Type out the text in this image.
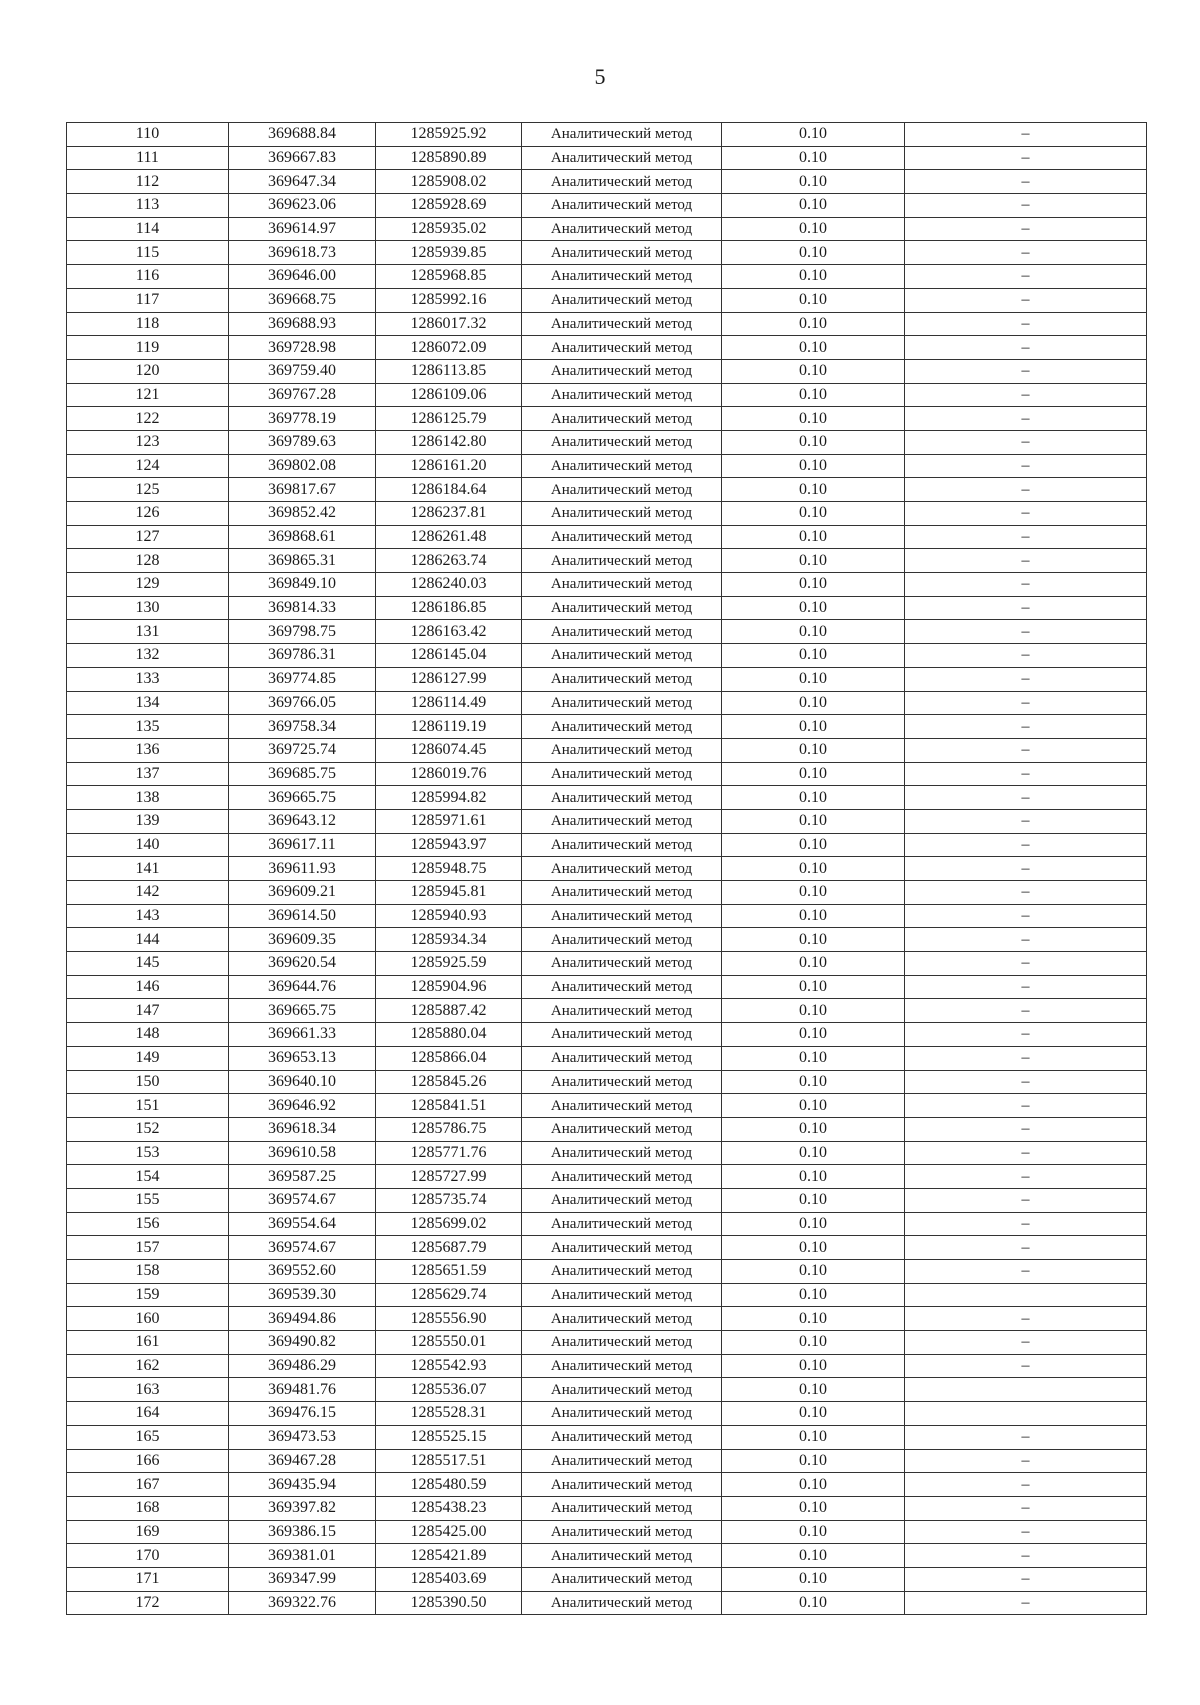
5
110	369688.84	1285925.92	Аналитический метод	0.10	–
111	369667.83	1285890.89	Аналитический метод	0.10	–
112	369647.34	1285908.02	Аналитический метод	0.10	–
113	369623.06	1285928.69	Аналитический метод	0.10	–
114	369614.97	1285935.02	Аналитический метод	0.10	–
115	369618.73	1285939.85	Аналитический метод	0.10	–
116	369646.00	1285968.85	Аналитический метод	0.10	–
117	369668.75	1285992.16	Аналитический метод	0.10	–
118	369688.93	1286017.32	Аналитический метод	0.10	–
119	369728.98	1286072.09	Аналитический метод	0.10	–
120	369759.40	1286113.85	Аналитический метод	0.10	–
121	369767.28	1286109.06	Аналитический метод	0.10	–
122	369778.19	1286125.79	Аналитический метод	0.10	–
123	369789.63	1286142.80	Аналитический метод	0.10	–
124	369802.08	1286161.20	Аналитический метод	0.10	–
125	369817.67	1286184.64	Аналитический метод	0.10	–
126	369852.42	1286237.81	Аналитический метод	0.10	–
127	369868.61	1286261.48	Аналитический метод	0.10	–
128	369865.31	1286263.74	Аналитический метод	0.10	–
129	369849.10	1286240.03	Аналитический метод	0.10	–
130	369814.33	1286186.85	Аналитический метод	0.10	–
131	369798.75	1286163.42	Аналитический метод	0.10	–
132	369786.31	1286145.04	Аналитический метод	0.10	–
133	369774.85	1286127.99	Аналитический метод	0.10	–
134	369766.05	1286114.49	Аналитический метод	0.10	–
135	369758.34	1286119.19	Аналитический метод	0.10	–
136	369725.74	1286074.45	Аналитический метод	0.10	–
137	369685.75	1286019.76	Аналитический метод	0.10	–
138	369665.75	1285994.82	Аналитический метод	0.10	–
139	369643.12	1285971.61	Аналитический метод	0.10	–
140	369617.11	1285943.97	Аналитический метод	0.10	–
141	369611.93	1285948.75	Аналитический метод	0.10	–
142	369609.21	1285945.81	Аналитический метод	0.10	–
143	369614.50	1285940.93	Аналитический метод	0.10	–
144	369609.35	1285934.34	Аналитический метод	0.10	–
145	369620.54	1285925.59	Аналитический метод	0.10	–
146	369644.76	1285904.96	Аналитический метод	0.10	–
147	369665.75	1285887.42	Аналитический метод	0.10	–
148	369661.33	1285880.04	Аналитический метод	0.10	–
149	369653.13	1285866.04	Аналитический метод	0.10	–
150	369640.10	1285845.26	Аналитический метод	0.10	–
151	369646.92	1285841.51	Аналитический метод	0.10	–
152	369618.34	1285786.75	Аналитический метод	0.10	–
153	369610.58	1285771.76	Аналитический метод	0.10	–
154	369587.25	1285727.99	Аналитический метод	0.10	–
155	369574.67	1285735.74	Аналитический метод	0.10	–
156	369554.64	1285699.02	Аналитический метод	0.10	–
157	369574.67	1285687.79	Аналитический метод	0.10	–
158	369552.60	1285651.59	Аналитический метод	0.10	–
159	369539.30	1285629.74	Аналитический метод	0.10	
160	369494.86	1285556.90	Аналитический метод	0.10	–
161	369490.82	1285550.01	Аналитический метод	0.10	–
162	369486.29	1285542.93	Аналитический метод	0.10	–
163	369481.76	1285536.07	Аналитический метод	0.10	
164	369476.15	1285528.31	Аналитический метод	0.10	
165	369473.53	1285525.15	Аналитический метод	0.10	–
166	369467.28	1285517.51	Аналитический метод	0.10	–
167	369435.94	1285480.59	Аналитический метод	0.10	–
168	369397.82	1285438.23	Аналитический метод	0.10	–
169	369386.15	1285425.00	Аналитический метод	0.10	–
170	369381.01	1285421.89	Аналитический метод	0.10	–
171	369347.99	1285403.69	Аналитический метод	0.10	–
172	369322.76	1285390.50	Аналитический метод	0.10	–
